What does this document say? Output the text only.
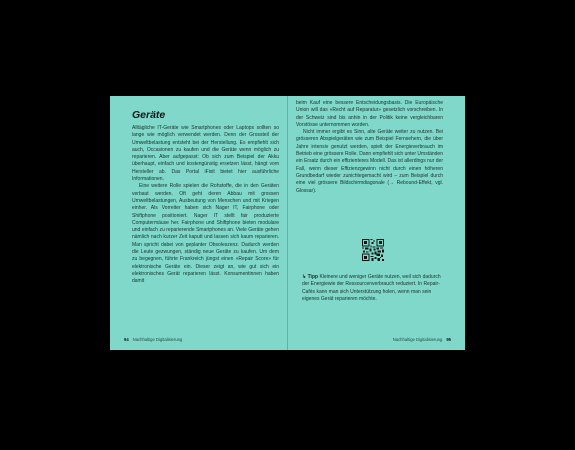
Geräte

Alltägliche IT-Geräte wie Smartphones oder Laptops sollten so lange wie möglich verwendet werden. Denn der Grossteil der Umweltbelastung entsteht bei der Herstellung. Es empfiehlt sich auch, Occasionen zu kaufen und die Geräte wenn möglich zu reparieren. Aber aufgepasst: Ob sich zum Beispiel der Akku überhaupt, einfach und kostengünstig ersetzen lässt, hängt vom Hersteller ab. Das Portal iFixit bietet hier ausführliche Informationen.

Eine weitere Rolle spielen die Rohstoffe, die in den Geräten verbaut werden. Oft geht deren Abbau mit grossen Umweltbelastungen, Ausbeutung von Menschen und mit Kriegen einher. Als Vorreiter haben sich Nager IT, Fairphone oder Shiftphone positioniert. Nager IT stellt fair produzierte Computermäuse her. Fairphone und Shiftphone bieten modulare und einfach zu reparierende Smartphones an. Viele Geräte gehen nämlich nach kurzer Zeit kaputt und lassen sich kaum reparieren. Man spricht dabei von geplanter Obsoleszenz. Dadurch werden die Leute gezwungen, ständig neue Geräte zu kaufen. Um dem zu begegnen, führte Frankreich jüngst einen «Repair Score» für elektronische Geräte ein. Dieser zeigt an, wie gut sich ein elektronisches Gerät reparieren lässt. Konsumentinnen haben damit

94 Nachhaltige Digitalisierung

beim Kauf eine bessere Entscheidungsbasis. Die Europäische Union will das «Recht auf Reparatur» gesetzlich vorschreiben. In der Schweiz sind bis anhin in der Politik keine vergleichbaren Vorstösse unternommen worden.

Nicht immer ergibt es Sinn, alte Geräte weiter zu nutzen. Bei grösseren Abspielgeräten wie zum Beispiel Fernsehern, die über Jahre intensiv genutzt werden, spielt der Energieverbrauch im Betrieb eine grössere Rolle. Dann empfiehlt sich unter Umständen ein Ersatz durch ein effizienteres Modell. Das ist allerdings nur der Fall, wenn dieser Effizienzgewinn nicht durch einen höheren Grundbedarf wieder zunichtegemacht wird – zum Beispiel durch eine viel grössere Bildschirmdiagonale (→ Rebound-Effekt, vgl. Glossar).

↳ Tipp Kleinere und weniger Geräte nutzen, weil sich dadurch der Energiewie der Ressourcenverbrauch reduziert. In Repair-Cafés kann man sich Unterstützung holen, wenn man sein eigenes Gerät reparieren möchte.
Nachhaltige Digitalisierung 95
